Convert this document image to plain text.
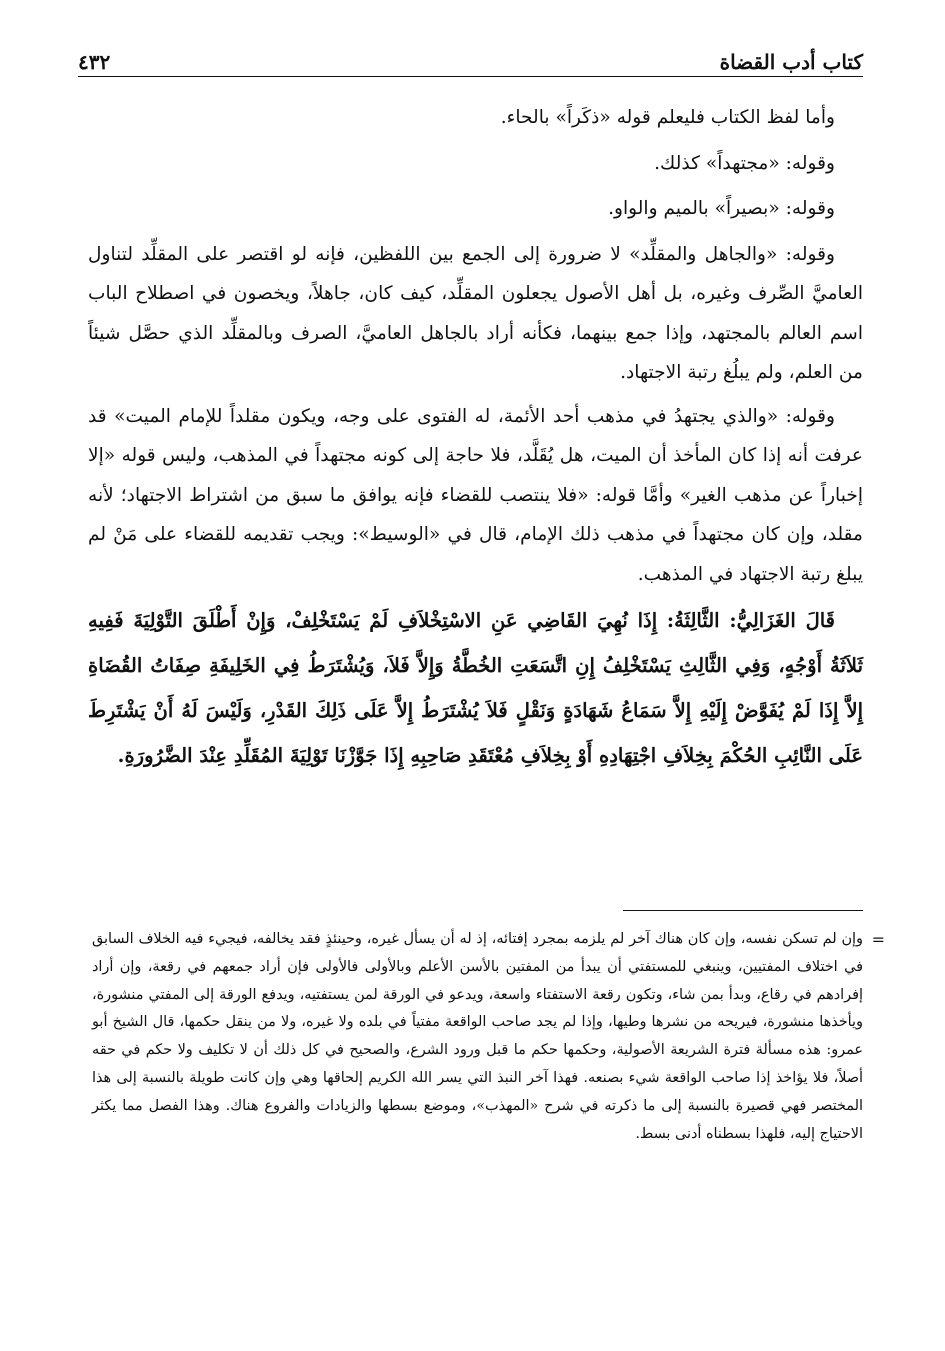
كتاب أدب القضاة
٤٣٢

وأما لفظ الكتاب فليعلم قوله «ذكَراً» بالحاء.

وقوله: «مجتهداً» كذلك.

وقوله: «بصيراً» بالميم والواو.

وقوله: «والجاهل والمقلِّد» لا ضرورة إلى الجمع بين اللفظين، فإنه لو اقتصر على المقلِّد لتناول العاميَّ الصِّرف وغيره، بل أهل الأصول يجعلون المقلِّد، كيف كان، جاهلاً، ويخصون في اصطلاح الباب اسم العالم بالمجتهد، وإذا جمع بينهما، فكأنه أراد بالجاهل العاميَّ، الصرف وبالمقلِّد الذي حصَّل شيئاً من العلم، ولم يبلُغ رتبة الاجتهاد.

وقوله: «والذي يجتهدُ في مذهب أحد الأئمة، له الفتوى على وجه، ويكون مقلداً للإمام الميت» قد عرفت أنه إذا كان المأخذ أن الميت، هل يُقَلَّد، فلا حاجة إلى كونه مجتهداً في المذهب، وليس قوله «إلا إخباراً عن مذهب الغير» وأمَّا قوله: «فلا ينتصب للقضاء فإنه يوافق ما سبق من اشتراط الاجتهاد؛ لأنه مقلد، وإن كان مجتهداً في مذهب ذلك الإمام، قال في «الوسيط»: ويجب تقديمه للقضاء على مَنْ لم يبلغ رتبة الاجتهاد في المذهب.

قَالَ الغَزَالِيُّ: الثَّالِثَةُ: إِذَا نُهِيَ القَاضِي عَنِ الاسْتِخْلاَفِ لَمْ يَسْتَخْلِفْ، وَإِنْ أَطْلَقَ التَّوْلِيَةَ فَفِيهِ ثَلاَثَةُ أَوْجُهٍ، وَفِي الثَّالِثِ يَسْتَخْلِفُ إِنِ اتَّسَعَتِ الخُطَّةُ وَإِلاَّ فَلاَ، وَيُشْتَرَطُ فِي الخَلِيفَةِ صِفَاتُ القُضَاةِ إِلاَّ إِذَا لَمْ يُفَوَّضْ إِلَيْهِ إِلاَّ سَمَاعُ شَهَادَةٍ وَنَقْلٍ فَلاَ يُشْتَرَطُ إِلاَّ عَلَى ذَلِكَ القَدْرِ، وَلَيْسَ لَهُ أَنْ يَشْتَرِطَ عَلَى النَّائِبِ الحُكْمَ بِخِلاَفِ اجْتِهَادِهِ أَوْ بِخِلاَفِ مُعْتَقَدِ صَاحِبِهِ إِذَا جَوَّزْنَا تَوْلِيَةَ المُقَلِّدِ عِنْدَ الضَّرُورَةِ.

=
وإن لم تسكن نفسه، وإن كان هناك آخر لم يلزمه بمجرد إفتائه، إذ له أن يسأل غيره، وحينئذٍ فقد يخالفه، فيجيء فيه الخلاف السابق في اختلاف المفتيين، وينبغي للمستفتي أن يبدأ من المفتين بالأسن الأعلم وبالأولى فالأولى فإن أراد جمعهم في رقعة، وإن أراد إفرادهم في رقاع، وبدأ بمن شاء، وتكون رقعة الاستفتاء واسعة، ويدعو في الورقة لمن يستفتيه، ويدفع الورقة إلى المفتي منشورة، ويأخذها منشورة، فيريحه من نشرها وطيها، وإذا لم يجد صاحب الواقعة مفتياً في بلده ولا غيره، ولا من ينقل حكمها، قال الشيخ أبو عمرو: هذه مسألة فترة الشريعة الأصولية، وحكمها حكم ما قبل ورود الشرع، والصحيح في كل ذلك أن لا تكليف ولا حكم في حقه أصلاً، فلا يؤاخذ إذا صاحب الواقعة شيء بصنعه. فهذا آخر النبذ التي يسر الله الكريم إلحاقها وهي وإن كانت طويلة بالنسبة إلى هذا المختصر فهي قصيرة بالنسبة إلى ما ذكرته في شرح «المهذب»، وموضع بسطها والزيادات والفروع هناك. وهذا الفصل مما يكثر الاحتياج إليه، فلهذا بسطناه أدنى بسط.
